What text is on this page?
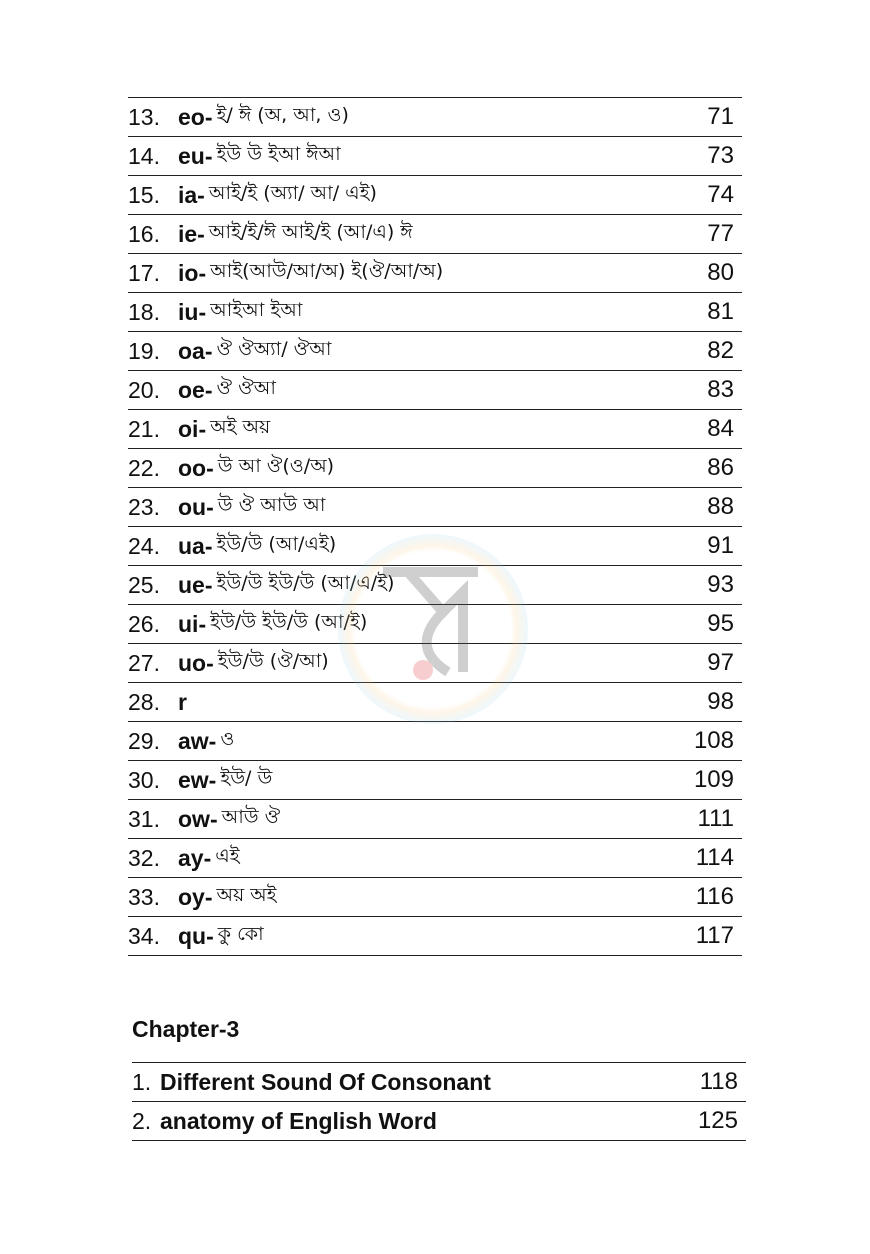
13. eo- ই/ ঈ (অ, আ, ও)	71
14. eu- ইউ উ ইআ ঈআ	73
15. ia- আই/ই (অ্যা/ আ/ এই)	74
16. ie- আই/ই/ঈ আই/ই (আ/এ) ঈ	77
17. io- আই(আউ/আ/অ) ই(ঔ/আ/অ)	80
18. iu- আইআ ইআ	81
19. oa- ঔ ঔঅ্যা/ ঔআ	82
20. oe- ঔ ঔআ	83
21. oi- অই অয়	84
22. oo- উ আ ঔ(ও/অ)	86
23. ou- উ ঔ আউ আ	88
24. ua- ইউ/উ (আ/এই)	91
25. ue- ইউ/উ ইউ/উ (আ/এ/ই)	93
26. ui- ইউ/উ ইউ/উ (আ/ই)	95
27. uo- ইউ/উ (ঔ/আ)	97
28. r	98
29. aw- ও	108
30. ew- ইউ/ উ	109
31. ow- আউ ঔ	111
32. ay- এই	114
33. oy- অয় অই	116
34. qu- কু কো	117
Chapter-3
1. Different Sound Of Consonant	118
2. anatomy of English Word	125
